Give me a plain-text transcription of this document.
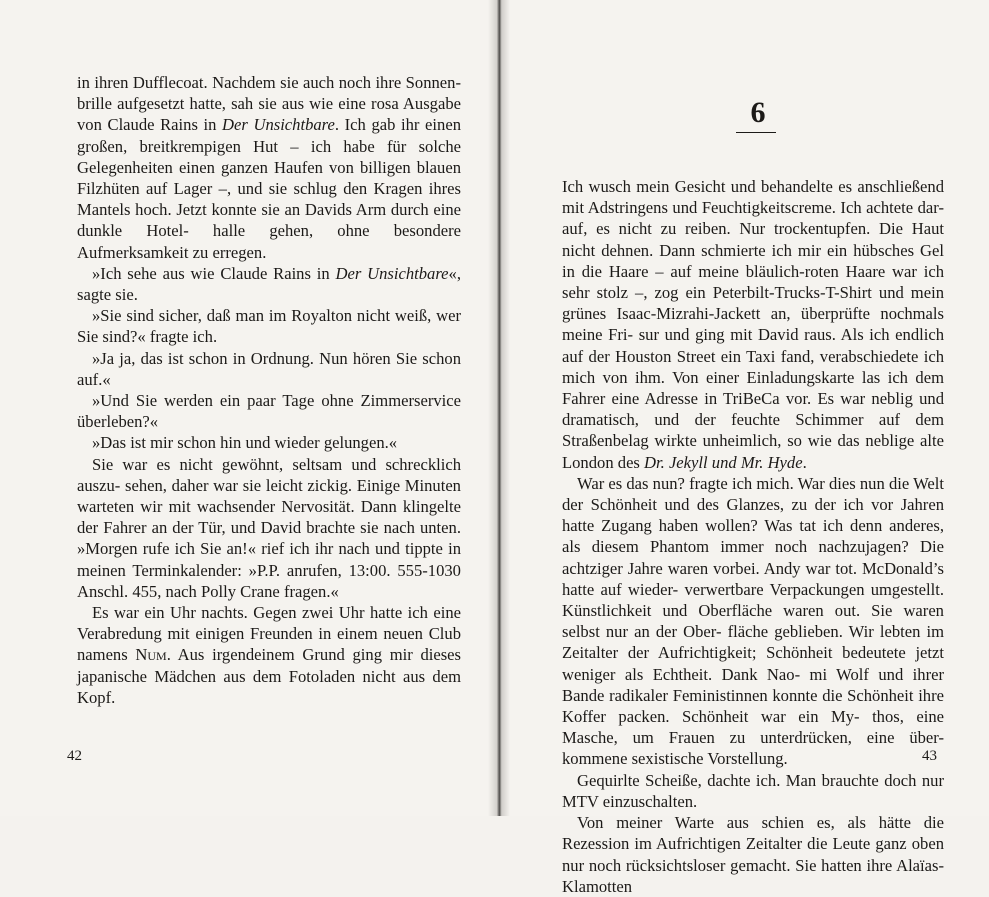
in ihren Dufflecoat. Nachdem sie auch noch ihre Sonnen- brille aufgesetzt hatte, sah sie aus wie eine rosa Ausgabe von Claude Rains in Der Unsichtbare. Ich gab ihr einen großen, breitkrempigen Hut – ich habe für solche Gelegenheiten einen ganzen Haufen von billigen blauen Filzhüten auf Lager –, und sie schlug den Kragen ihres Mantels hoch. Jetzt konnte sie an Davids Arm durch eine dunkle Hotel- halle gehen, ohne besondere Aufmerksamkeit zu erregen.

»Ich sehe aus wie Claude Rains in Der Unsichtbare«, sagte sie.

»Sie sind sicher, daß man im Royalton nicht weiß, wer Sie sind?« fragte ich.

»Ja ja, das ist schon in Ordnung. Nun hören Sie schon auf.«

»Und Sie werden ein paar Tage ohne Zimmerservice überleben?«

»Das ist mir schon hin und wieder gelungen.«

Sie war es nicht gewöhnt, seltsam und schrecklich auszu- sehen, daher war sie leicht zickig. Einige Minuten warteten wir mit wachsender Nervosität. Dann klingelte der Fahrer an der Tür, und David brachte sie nach unten. »Morgen rufe ich Sie an!« rief ich ihr nach und tippte in meinen Terminkalender: »P.P. anrufen, 13:00. 555-1030 Anschl. 455, nach Polly Crane fragen.«

Es war ein Uhr nachts. Gegen zwei Uhr hatte ich eine Verabredung mit einigen Freunden in einem neuen Club namens Num. Aus irgendeinem Grund ging mir dieses japanische Mädchen aus dem Fotoladen nicht aus dem Kopf.

42
6

Ich wusch mein Gesicht und behandelte es anschließend mit Adstringens und Feuchtigkeitscreme. Ich achtete dar- auf, es nicht zu reiben. Nur trockentupfen. Die Haut nicht dehnen. Dann schmierte ich mir ein hübsches Gel in die Haare – auf meine bläulich-roten Haare war ich sehr stolz –, zog ein Peterbilt-Trucks-T-Shirt und mein grünes Isaac-Mizrahi-Jackett an, überprüfte nochmals meine Fri- sur und ging mit David raus. Als ich endlich auf der Houston Street ein Taxi fand, verabschiedete ich mich von ihm. Von einer Einladungskarte las ich dem Fahrer eine Adresse in TriBeCa vor. Es war neblig und dramatisch, und der feuchte Schimmer auf dem Straßenbelag wirkte unheimlich, so wie das neblige alte London des Dr. Jekyll und Mr. Hyde.

War es das nun? fragte ich mich. War dies nun die Welt der Schönheit und des Glanzes, zu der ich vor Jahren hatte Zugang haben wollen? Was tat ich denn anderes, als diesem Phantom immer noch nachzujagen? Die achtziger Jahre waren vorbei. Andy war tot. McDonald’s hatte auf wieder- verwertbare Verpackungen umgestellt. Künstlichkeit und Oberfläche waren out. Sie waren selbst nur an der Ober- fläche geblieben. Wir lebten im Zeitalter der Aufrichtigkeit; Schönheit bedeutete jetzt weniger als Echtheit. Dank Nao- mi Wolf und ihrer Bande radikaler Feministinnen konnte die Schönheit ihre Koffer packen. Schönheit war ein My- thos, eine Masche, um Frauen zu unterdrücken, eine über- kommene sexistische Vorstellung.

Gequirlte Scheiße, dachte ich. Man brauchte doch nur MTV einzuschalten.

Von meiner Warte aus schien es, als hätte die Rezession im Aufrichtigen Zeitalter die Leute ganz oben nur noch rücksichtsloser gemacht. Sie hatten ihre Alaïas-Klamotten

43
